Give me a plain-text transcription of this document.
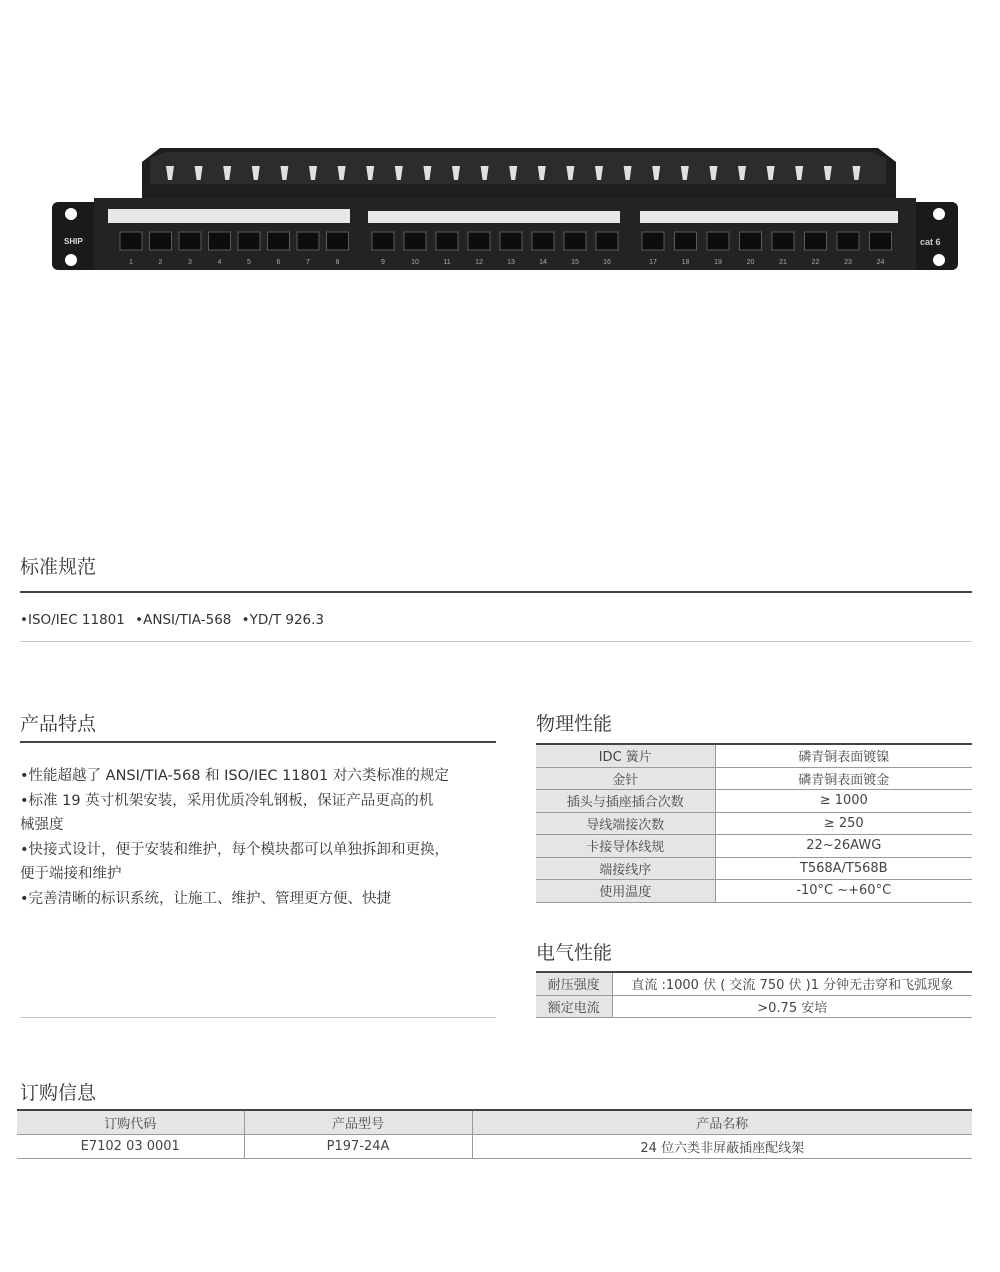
SHIP	cat 6
1	2	3	4	5	6	7	8	9	10	11	12	13	14	15	16	17	18	19	20	21	22	23	24
标准规范
•ISO/IEC 11801 •ANSI/TIA-568 •YD/T 926.3
产品特点
•性能超越了 ANSI/TIA-568 和 ISO/IEC 11801 对六类标准的规定
•标准 19 英寸机架安装，采用优质冷轧钢板，保证产品更高的机
械强度
•快接式设计，便于安装和维护，每个模块都可以单独拆卸和更换，
便于端接和维护
•完善清晰的标识系统，让施工、维护、管理更方便、快捷
物理性能
IDC 簧片	磷青铜表面镀镍
金针	磷青铜表面镀金
插头与插座插合次数	≥ 1000
导线端接次数	≥ 250
卡接导体线规	22~26AWG
端接线序	T568A/T568B
使用温度	-10°C ~+60°C
电气性能
耐压强度	直流 :1000 伏 ( 交流 750 伏 )1 分钟无击穿和飞弧现象
额定电流	>0.75 安培
订购信息
订购代码	产品型号	产品名称
E7102 03 0001	P197-24A	24 位六类非屏蔽插座配线架
